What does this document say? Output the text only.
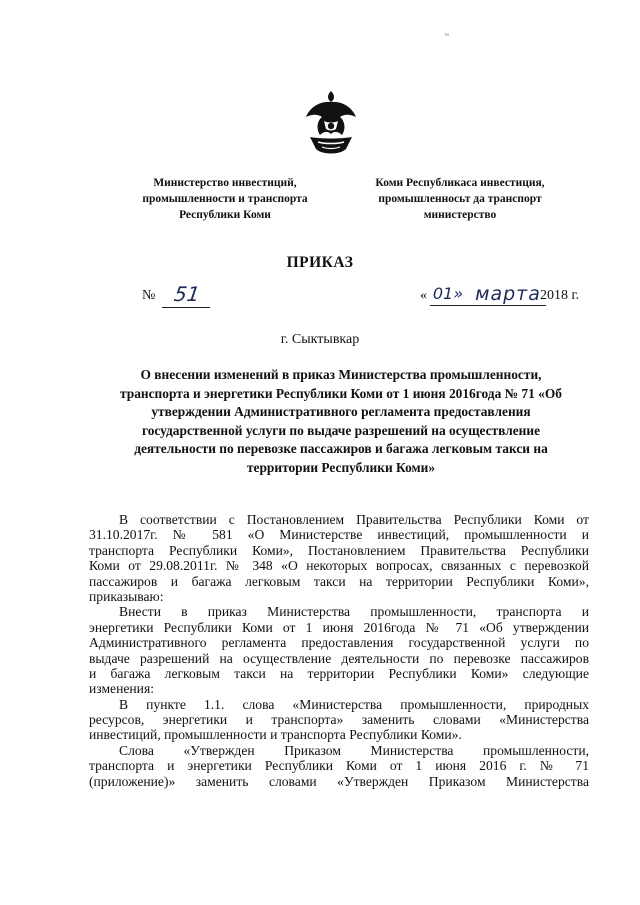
™
Министерство инвестиций,
промышленности и транспорта
Республики Коми
Коми Республикаса инвестиция,
промышленносьт да транспорт
министерство
ПРИКАЗ
№ 51	« 01» марта 2018 г.
г. Сыктывкар
О внесении изменений в приказ Министерства промышленности,
транспорта и энергетики Республики Коми от 1 июня 2016года № 71 «Об
утверждении Административного регламента предоставления
государственной услуги по выдаче разрешений на осуществление
деятельности по перевозке пассажиров и багажа легковым такси на
территории Республики Коми»
В соответствии с Постановлением Правительства Республики Коми от
31.10.2017г. № 581 «О Министерстве инвестиций, промышленности и
транспорта Республики Коми», Постановлением Правительства Республики
Коми от 29.08.2011г. № 348 «О некоторых вопросах, связанных с перевозкой
пассажиров и багажа легковым такси на территории Республики Коми»,
приказываю:
Внести в приказ Министерства промышленности, транспорта и
энергетики Республики Коми от 1 июня 2016года № 71 «Об утверждении
Административного регламента предоставления государственной услуги по
выдаче разрешений на осуществление деятельности по перевозке пассажиров
и багажа легковым такси на территории Республики Коми» следующие
изменения:
В пункте 1.1. слова «Министерства промышленности, природных
ресурсов, энергетики и транспорта» заменить словами «Министерства
инвестиций, промышленности и транспорта Республики Коми».
Слова «Утвержден Приказом Министерства промышленности,
транспорта и энергетики Республики Коми от 1 июня 2016 г. № 71
(приложение)» заменить словами «Утвержден Приказом Министерства
